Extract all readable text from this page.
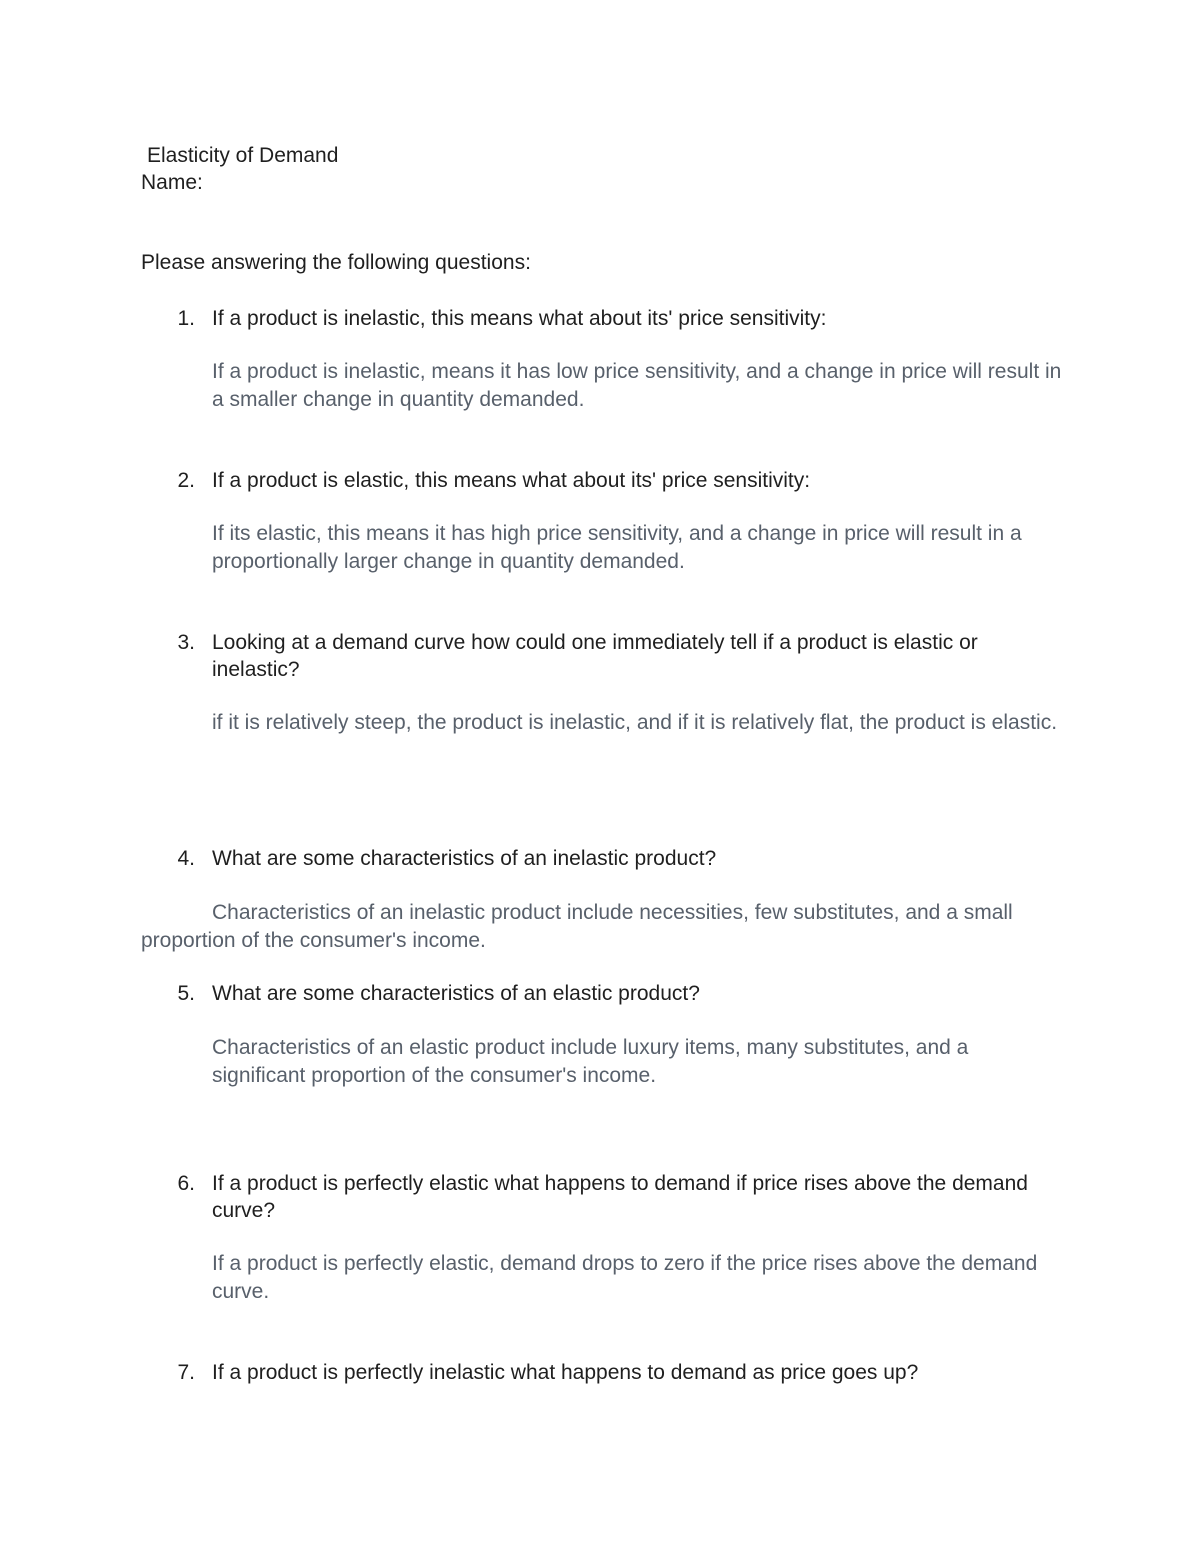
Elasticity of Demand

Name:

Please answering the following questions:

1. If a product is inelastic, this means what about its' price sensitivity:

If a product is inelastic, means it has low price sensitivity, and a change in price will result in a smaller change in quantity demanded.

2. If a product is elastic, this means what about its' price sensitivity:

If its elastic, this means it has high price sensitivity, and a change in price will result in a proportionally larger change in quantity demanded.

3. Looking at a demand curve how could one immediately tell if a product is elastic or inelastic?

if it is relatively steep, the product is inelastic, and if it is relatively flat, the product is elastic.

4. What are some characteristics of an inelastic product?

Characteristics of an inelastic product include necessities, few substitutes, and a small proportion of the consumer's income.

5. What are some characteristics of an elastic product?

Characteristics of an elastic product include luxury items, many substitutes, and a significant proportion of the consumer's income.

6. If a product is perfectly elastic what happens to demand if price rises above the demand curve?

If a product is perfectly elastic, demand drops to zero if the price rises above the demand curve.

7. If a product is perfectly inelastic what happens to demand as price goes up?
